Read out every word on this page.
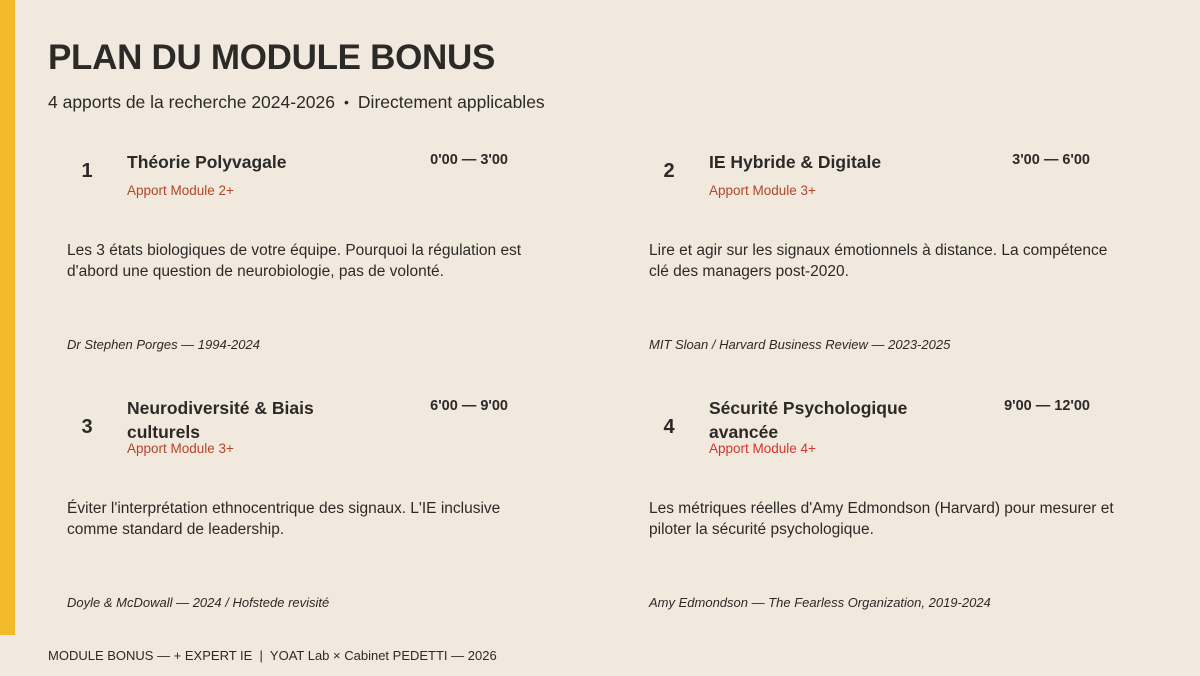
PLAN DU MODULE BONUS
4 apports de la recherche 2024-2026 • Directement applicables
1	Théorie Polyvagale	0'00 — 3'00
Apport Module 2+
Les 3 états biologiques de votre équipe. Pourquoi la régulation est d'abord une question de neurobiologie, pas de volonté.
Dr Stephen Porges — 1994-2024
2	IE Hybride & Digitale	3'00 — 6'00
Apport Module 3+
Lire et agir sur les signaux émotionnels à distance. La compétence clé des managers post-2020.
MIT Sloan / Harvard Business Review — 2023-2025
3
Neurodiversité & Biais culturels
6'00 — 9'00
Apport Module 3+
Éviter l'interprétation ethnocentrique des signaux. L'IE inclusive comme standard de leadership.
Doyle & McDowall — 2024 / Hofstede revisité
4
Sécurité Psychologique avancée
9'00 — 12'00
Apport Module 4+
Les métriques réelles d'Amy Edmondson (Harvard) pour mesurer et piloter la sécurité psychologique.
Amy Edmondson — The Fearless Organization, 2019-2024
MODULE BONUS — + EXPERT IE  |  YOAT Lab × Cabinet PEDETTI — 2026
